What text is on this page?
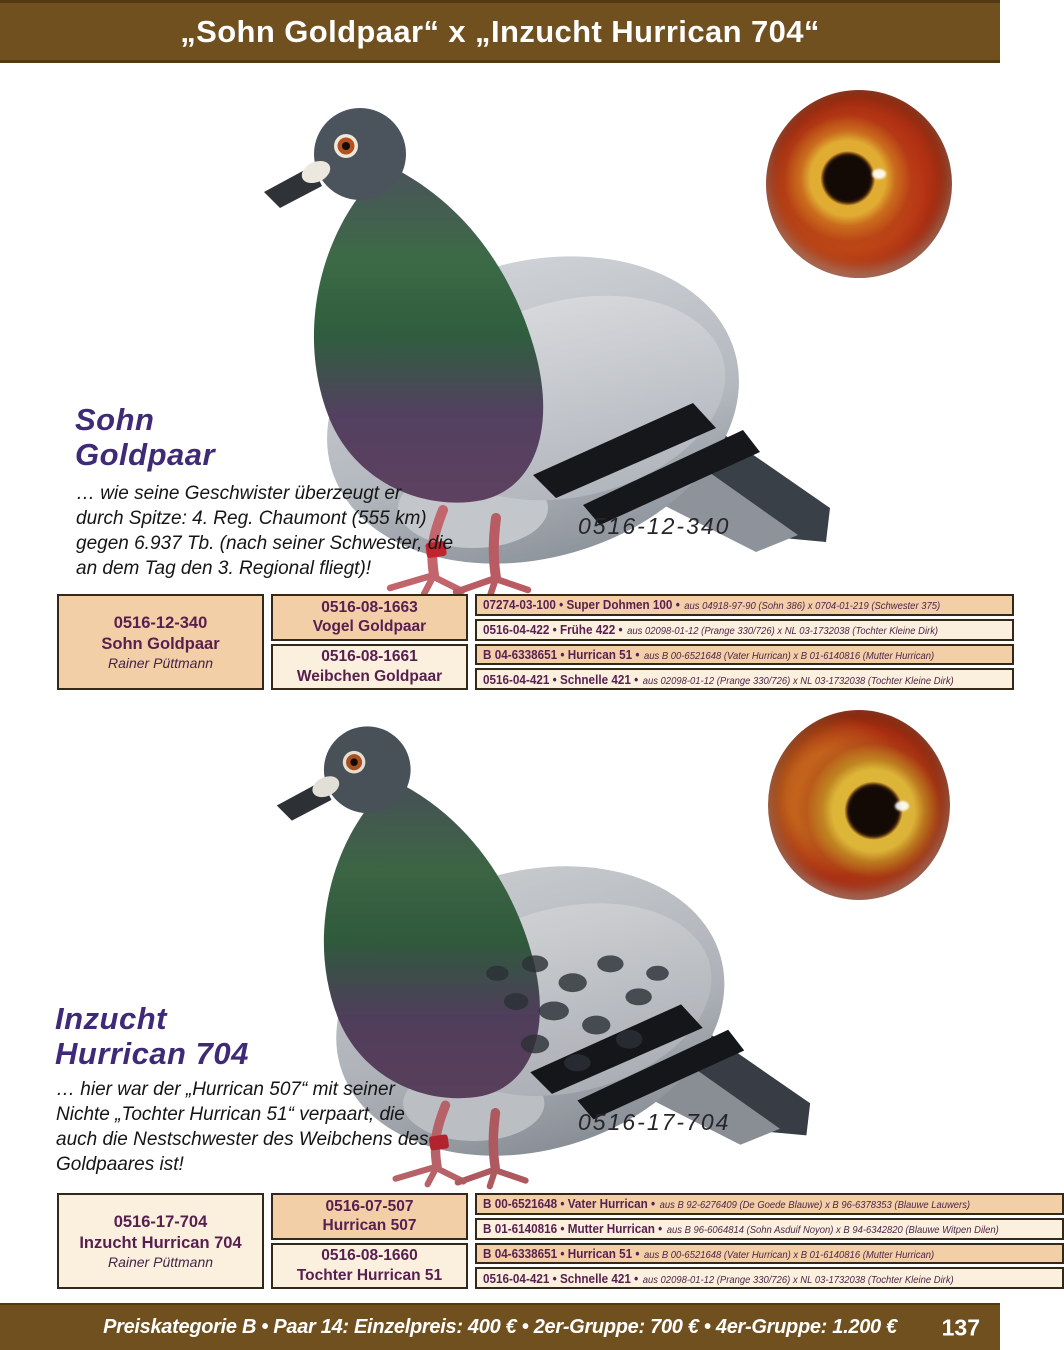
„Sohn Goldpaar“ x „Inzucht Hurrican 704“
Sohn
Goldpaar
… wie seine Geschwister überzeugt er
durch Spitze: 4. Reg. Chaumont (555 km)
gegen 6.937 Tb. (nach seiner Schwester, die
an dem Tag den 3. Regional fliegt)!
0516-12-340
0516-12-340
Sohn Goldpaar
Rainer Püttmann
0516-08-1663
Vogel Goldpaar
0516-08-1661
Weibchen Goldpaar
07274-03-100 • Super Dohmen 100 • aus 04918-97-90 (Sohn 386) x 0704-01-219 (Schwester 375)
0516-04-422 • Frühe 422 • aus 02098-01-12 (Prange 330/726) x NL 03-1732038 (Tochter Kleine Dirk)
B 04-6338651 • Hurrican 51 • aus B 00-6521648 (Vater Hurrican) x B 01-6140816 (Mutter Hurrican)
0516-04-421 • Schnelle 421 • aus 02098-01-12 (Prange 330/726) x NL 03-1732038 (Tochter Kleine Dirk)
Inzucht
Hurrican 704
… hier war der „Hurrican 507“ mit seiner
Nichte „Tochter Hurrican 51“ verpaart, die
auch die Nestschwester des Weibchens des
Goldpaares ist!
0516-17-704
0516-17-704
Inzucht Hurrican 704
Rainer Püttmann
0516-07-507
Hurrican 507
0516-08-1660
Tochter Hurrican 51
B 00-6521648 • Vater Hurrican • aus B 92-6276409 (De Goede Blauwe) x B 96-6378353 (Blauwe Lauwers)
B 01-6140816 • Mutter Hurrican • aus B 96-6064814 (Sohn Asduif Noyon) x B 94-6342820 (Blauwe Witpen Dilen)
B 04-6338651 • Hurrican 51 • aus B 00-6521648 (Vater Hurrican) x B 01-6140816 (Mutter Hurrican)
0516-04-421 • Schnelle 421 • aus 02098-01-12 (Prange 330/726) x NL 03-1732038 (Tochter Kleine Dirk)
Preiskategorie B • Paar 14: Einzelpreis: 400 € • 2er-Gruppe: 700 € • 4er-Gruppe: 1.200 € 137
